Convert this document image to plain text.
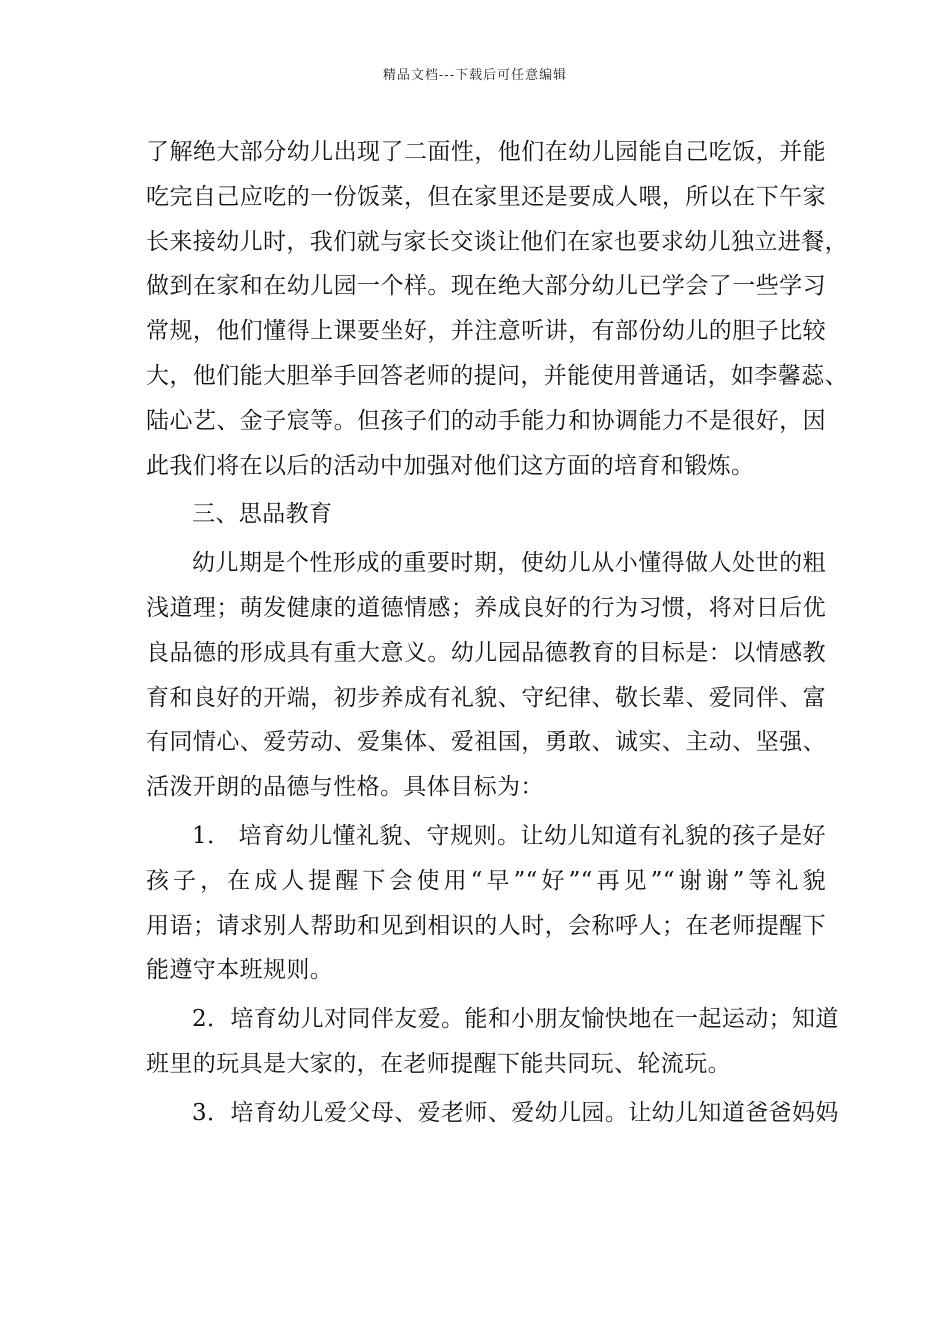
精品文档---下载后可任意编辑
了解绝大部分幼儿出现了二面性，他们在幼儿园能自己吃饭，并能
吃完自己应吃的一份饭菜，但在家里还是要成人喂，所以在下午家
长来接幼儿时，我们就与家长交谈让他们在家也要求幼儿独立进餐，
做到在家和在幼儿园一个样。现在绝大部分幼儿已学会了一些学习
常规，他们懂得上课要坐好，并注意听讲，有部份幼儿的胆子比较
大，他们能大胆举手回答老师的提问，并能使用普通话，如李馨蕊、
陆心艺、金子宸等。但孩子们的动手能力和协调能力不是很好，因
此我们将在以后的活动中加强对他们这方面的培育和锻炼。
三、思品教育
幼儿期是个性形成的重要时期，使幼儿从小懂得做人处世的粗
浅道理；萌发健康的道德情感；养成良好的行为习惯，将对日后优
良品德的形成具有重大意义。幼儿园品德教育的目标是：以情感教
育和良好的开端，初步养成有礼貌、守纪律、敬长辈、爱同伴、富
有同情心、爱劳动、爱集体、爱祖国，勇敢、诚实、主动、坚强、
活泼开朗的品德与性格。具体目标为：
1． 培育幼儿懂礼貌、守规则。让幼儿知道有礼貌的孩子是好
孩子，在成人提醒下会使用“早”“好”“再见”“谢谢”等礼貌
用语；请求别人帮助和见到相识的人时，会称呼人；在老师提醒下
能遵守本班规则。
2．培育幼儿对同伴友爱。能和小朋友愉快地在一起运动；知道
班里的玩具是大家的，在老师提醒下能共同玩、轮流玩。
3．培育幼儿爱父母、爱老师、爱幼儿园。让幼儿知道爸爸妈妈
